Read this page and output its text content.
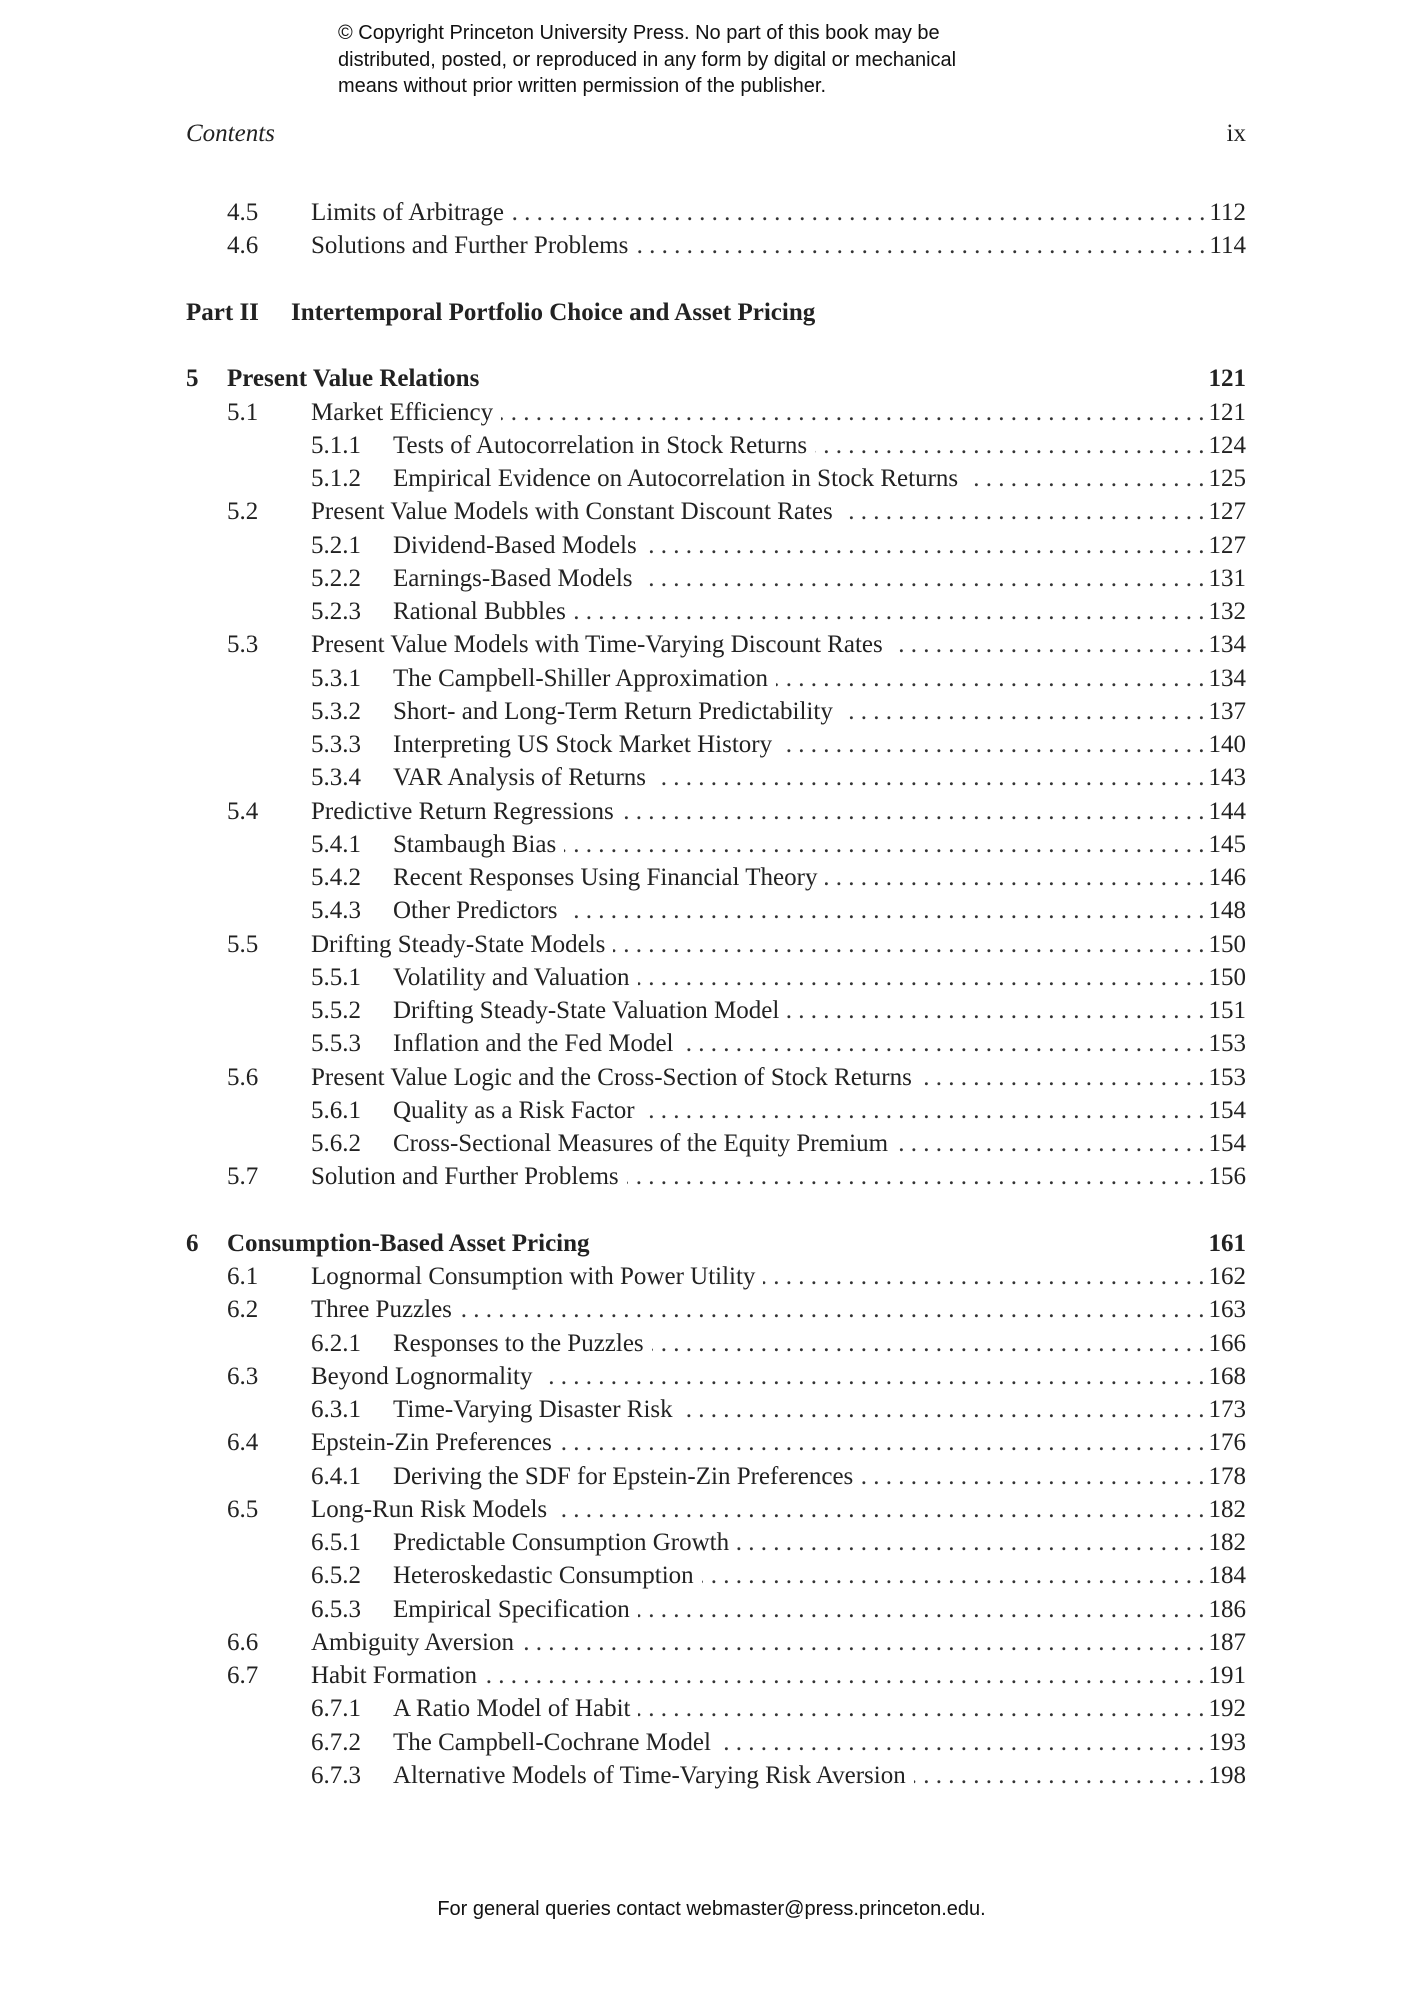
© Copyright Princeton University Press. No part of this book may be
distributed, posted, or reproduced in any form by digital or mechanical
means without prior written permission of the publisher.
Contents	ix
4.5	Limits of Arbitrage . . .	112
4.6	Solutions and Further Problems . . .	114
Part II	Intertemporal Portfolio Choice and Asset Pricing
5	Present Value Relations	121
5.1	Market Efficiency . . .	121
5.1.1	Tests of Autocorrelation in Stock Returns . . .	124
5.1.2	Empirical Evidence on Autocorrelation in Stock Returns . . .	125
5.2	Present Value Models with Constant Discount Rates . . .	127
5.2.1	Dividend-Based Models . . .	127
5.2.2	Earnings-Based Models . . .	131
5.2.3	Rational Bubbles . . .	132
5.3	Present Value Models with Time-Varying Discount Rates . . .	134
5.3.1	The Campbell-Shiller Approximation . . .	134
5.3.2	Short- and Long-Term Return Predictability . . .	137
5.3.3	Interpreting US Stock Market History . . .	140
5.3.4	VAR Analysis of Returns . . .	143
5.4	Predictive Return Regressions . . .	144
5.4.1	Stambaugh Bias . . .	145
5.4.2	Recent Responses Using Financial Theory . . .	146
5.4.3	Other Predictors . . .	148
5.5	Drifting Steady-State Models . . .	150
5.5.1	Volatility and Valuation . . .	150
5.5.2	Drifting Steady-State Valuation Model . . .	151
5.5.3	Inflation and the Fed Model . . .	153
5.6	Present Value Logic and the Cross-Section of Stock Returns . . .	153
5.6.1	Quality as a Risk Factor . . .	154
5.6.2	Cross-Sectional Measures of the Equity Premium . . .	154
5.7	Solution and Further Problems . . .	156
6	Consumption-Based Asset Pricing	161
6.1	Lognormal Consumption with Power Utility . . .	162
6.2	Three Puzzles . . .	163
6.2.1	Responses to the Puzzles . . .	166
6.3	Beyond Lognormality . . .	168
6.3.1	Time-Varying Disaster Risk . . .	173
6.4	Epstein-Zin Preferences . . .	176
6.4.1	Deriving the SDF for Epstein-Zin Preferences . . .	178
6.5	Long-Run Risk Models . . .	182
6.5.1	Predictable Consumption Growth . . .	182
6.5.2	Heteroskedastic Consumption . . .	184
6.5.3	Empirical Specification . . .	186
6.6	Ambiguity Aversion . . .	187
6.7	Habit Formation . . .	191
6.7.1	A Ratio Model of Habit . . .	192
6.7.2	The Campbell-Cochrane Model . . .	193
6.7.3	Alternative Models of Time-Varying Risk Aversion . . .	198
For general queries contact webmaster@press.princeton.edu.
